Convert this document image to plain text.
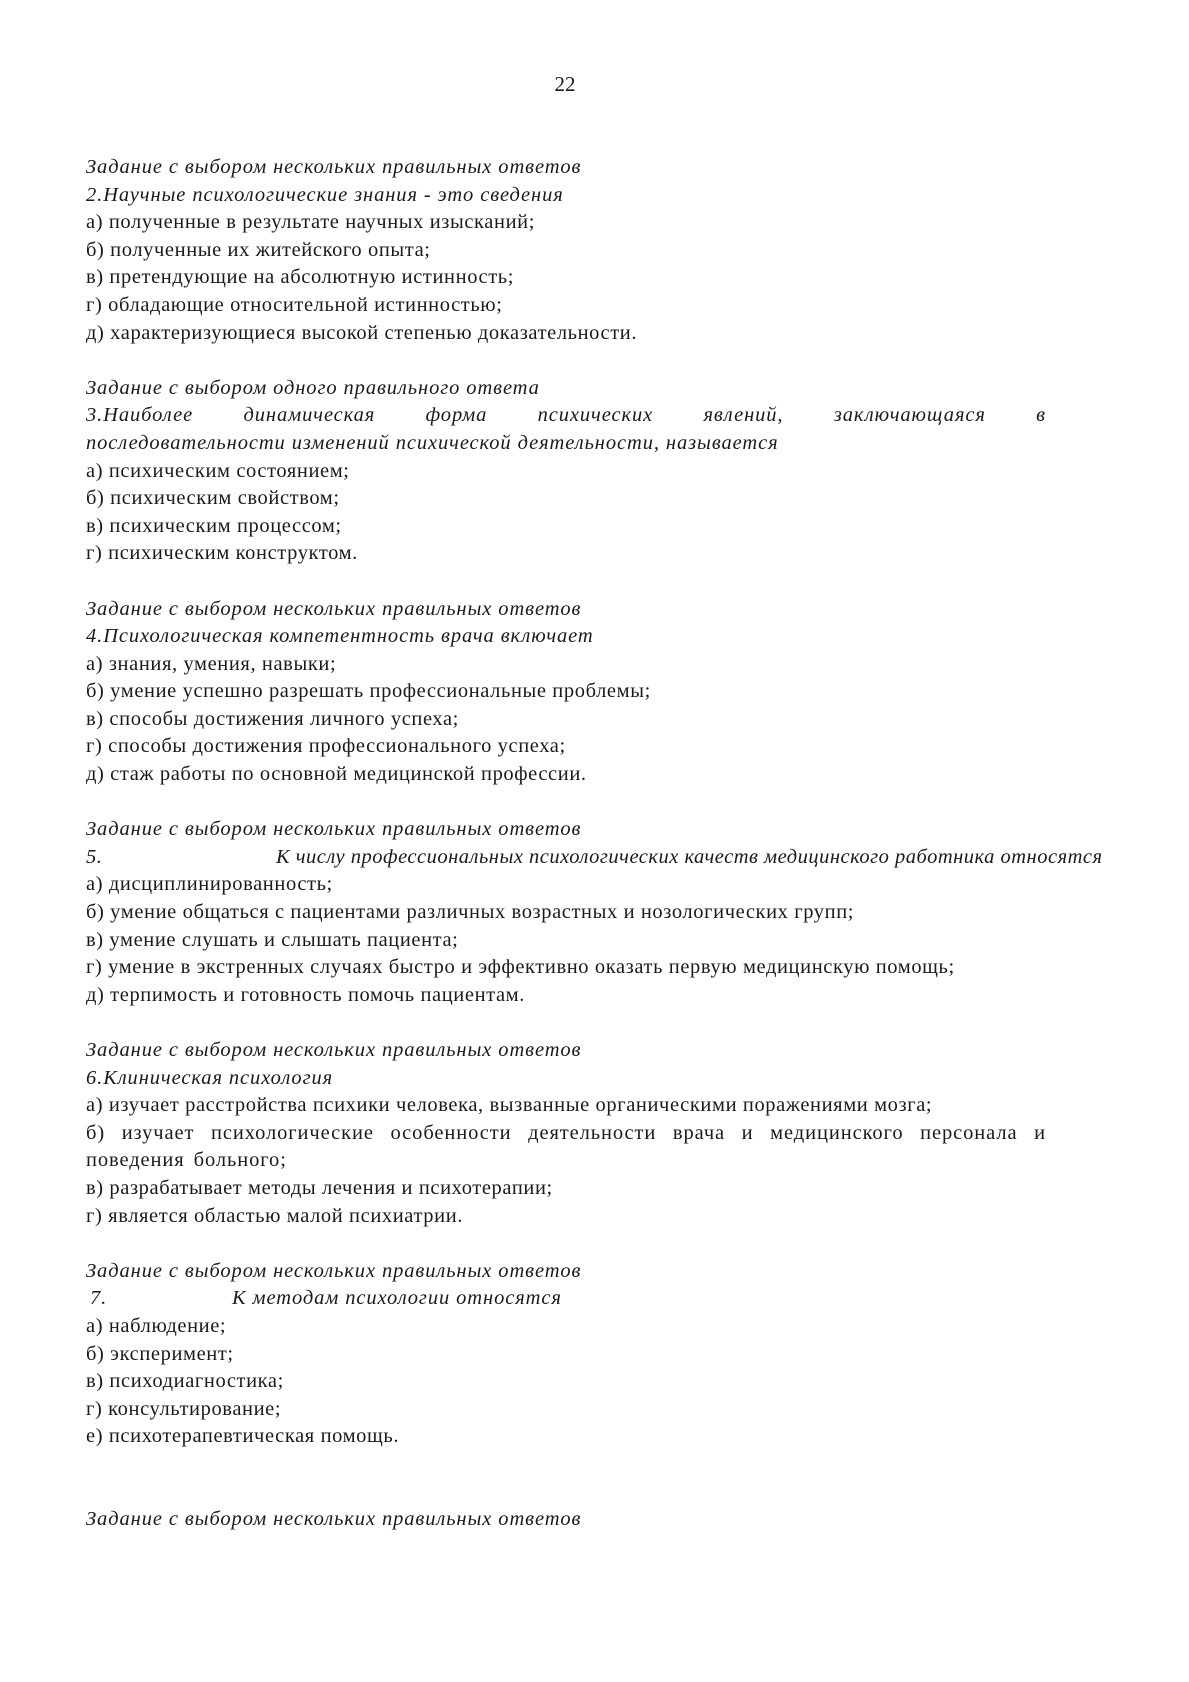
22
Задание с выбором нескольких правильных ответов
2.Научные психологические знания - это сведения
а) полученные в результате научных изысканий;
б) полученные их житейского опыта;
в) претендующие на абсолютную истинность;
г) обладающие относительной истинностью;
д) характеризующиеся высокой степенью доказательности.
Задание с выбором одного правильного ответа
3.Наиболее динамическая форма психических явлений, заключающаяся в
последовательности изменений психической деятельности, называется
а) психическим состоянием;
б) психическим свойством;
в) психическим процессом;
г) психическим конструктом.
Задание с выбором нескольких правильных ответов
4.Психологическая компетентность врача включает
а) знания, умения, навыки;
б) умение успешно разрешать профессиональные проблемы;
в) способы достижения личного успеха;
г) способы достижения профессионального успеха;
д) стаж работы по основной медицинской профессии.
Задание с выбором нескольких правильных ответов
5.	К числу профессиональных психологических качеств медицинского работника относятся
а) дисциплинированность;
б) умение общаться с пациентами различных возрастных и нозологических групп;
в) умение слушать и слышать пациента;
г) умение в экстренных случаях быстро и эффективно оказать первую медицинскую помощь;
д) терпимость и готовность помочь пациентам.
Задание с выбором нескольких правильных ответов
6.Клиническая психология
а) изучает расстройства психики человека, вызванные органическими поражениями мозга;
б) изучает психологические особенности деятельности врача и медицинского персонала и поведения больного;
в) разрабатывает методы лечения и психотерапии;
г) является областью малой психиатрии.
Задание с выбором нескольких правильных ответов
7.	К методам психологии относятся
а) наблюдение;
б) эксперимент;
в) психодиагностика;
г) консультирование;
е) психотерапевтическая помощь.
Задание с выбором нескольких правильных ответов
